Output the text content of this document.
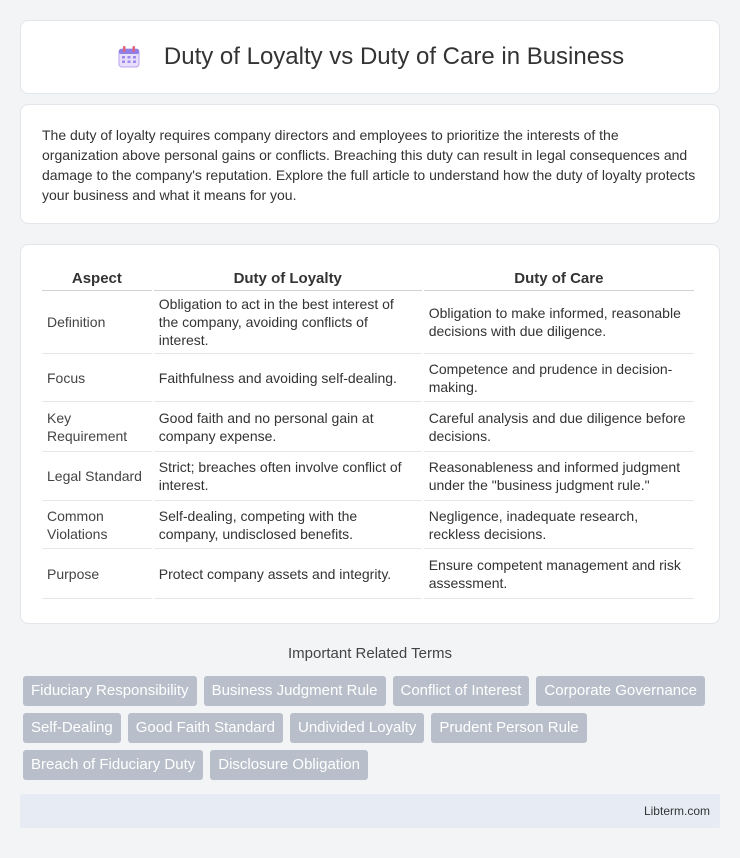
Duty of Loyalty vs Duty of Care in Business

The duty of loyalty requires company directors and employees to prioritize the interests of the organization above personal gains or conflicts. Breaching this duty can result in legal consequences and damage to the company's reputation. Explore the full article to understand how the duty of loyalty protects your business and what it means for you.

Aspect	Duty of Loyalty	Duty of Care
Definition	Obligation to act in the best interest of the company, avoiding conflicts of interest.	Obligation to make informed, reasonable decisions with due diligence.
Focus	Faithfulness and avoiding self-dealing.	Competence and prudence in decision-making.
Key Requirement	Good faith and no personal gain at company expense.	Careful analysis and due diligence before decisions.
Legal Standard	Strict; breaches often involve conflict of interest.	Reasonableness and informed judgment under the "business judgment rule."
Common Violations	Self-dealing, competing with the company, undisclosed benefits.	Negligence, inadequate research, reckless decisions.
Purpose	Protect company assets and integrity.	Ensure competent management and risk assessment.
Important Related Terms
Fiduciary Responsibility	Business Judgment Rule	Conflict of Interest	Corporate Governance
Self-Dealing	Good Faith Standard	Undivided Loyalty	Prudent Person Rule
Breach of Fiduciary Duty	Disclosure Obligation
Libterm.com
